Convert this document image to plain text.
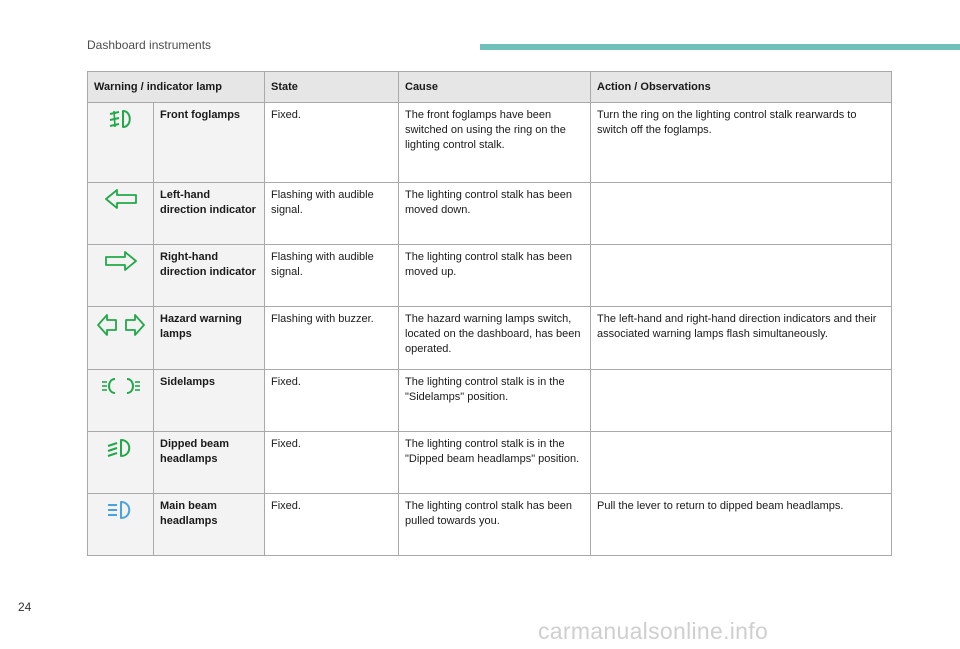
Dashboard instruments
Warning / indicator lamp		State	Cause	Action / Observations

	Front foglamps	Fixed.	The front foglamps have been switched on using the ring on the lighting control stalk.	Turn the ring on the lighting control stalk rearwards to switch off the foglamps.

	Left-hand direction indicator	Flashing with audible signal.	The lighting control stalk has been moved down.	

	Right-hand direction indicator	Flashing with audible signal.	The lighting control stalk has been moved up.	

	Hazard warning lamps	Flashing with buzzer.	The hazard warning lamps switch, located on the dashboard, has been operated.	The left-hand and right-hand direction indicators and their associated warning lamps flash simultaneously.

	Sidelamps	Fixed.	The lighting control stalk is in the "Sidelamps" position.	

	Dipped beam headlamps	Fixed.	The lighting control stalk is in the "Dipped beam headlamps" position.	

	Main beam headlamps	Fixed.	The lighting control stalk has been pulled towards you.	Pull the lever to return to dipped beam headlamps.
24
carmanualsonline.info
